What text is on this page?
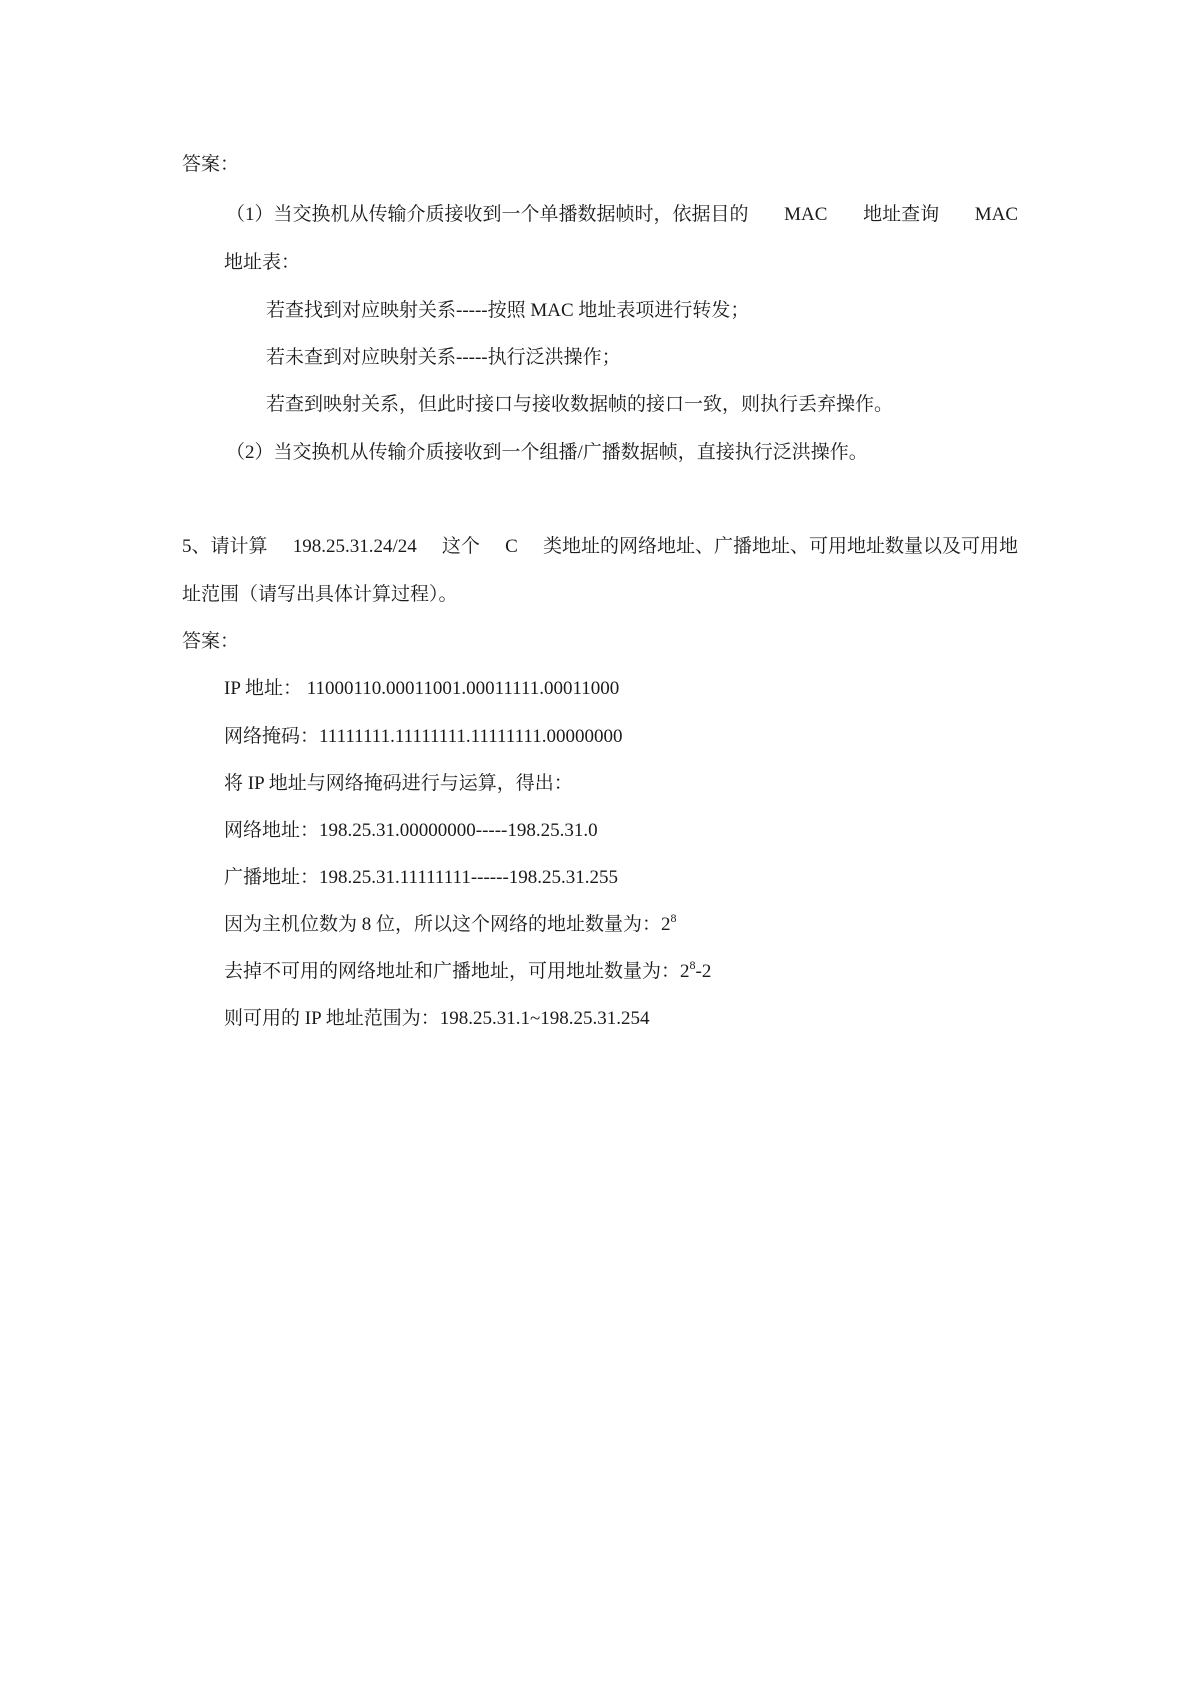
答案：
（1）当交换机从传输介质接收到一个单播数据帧时，依据目的 MAC 地址查询 MAC
地址表：
若查找到对应映射关系-----按照 MAC 地址表项进行转发；
若未查到对应映射关系-----执行泛洪操作；
若查到映射关系，但此时接口与接收数据帧的接口一致，则执行丢弃操作。
（2）当交换机从传输介质接收到一个组播/广播数据帧，直接执行泛洪操作。
5、请计算 198.25.31.24/24 这个 C 类地址的网络地址、广播地址、可用地址数量以及可用地
址范围（请写出具体计算过程）。
答案：
IP 地址： 11000110.00011001.00011111.00011000
网络掩码：11111111.11111111.11111111.00000000
将 IP 地址与网络掩码进行与运算，得出：
网络地址：198.25.31.00000000-----198.25.31.0
广播地址：198.25.31.11111111------198.25.31.255
因为主机位数为 8 位，所以这个网络的地址数量为：$2^8$
去掉不可用的网络地址和广播地址，可用地址数量为：$2^8-2$
则可用的 IP 地址范围为：198.25.31.1~198.25.31.254
